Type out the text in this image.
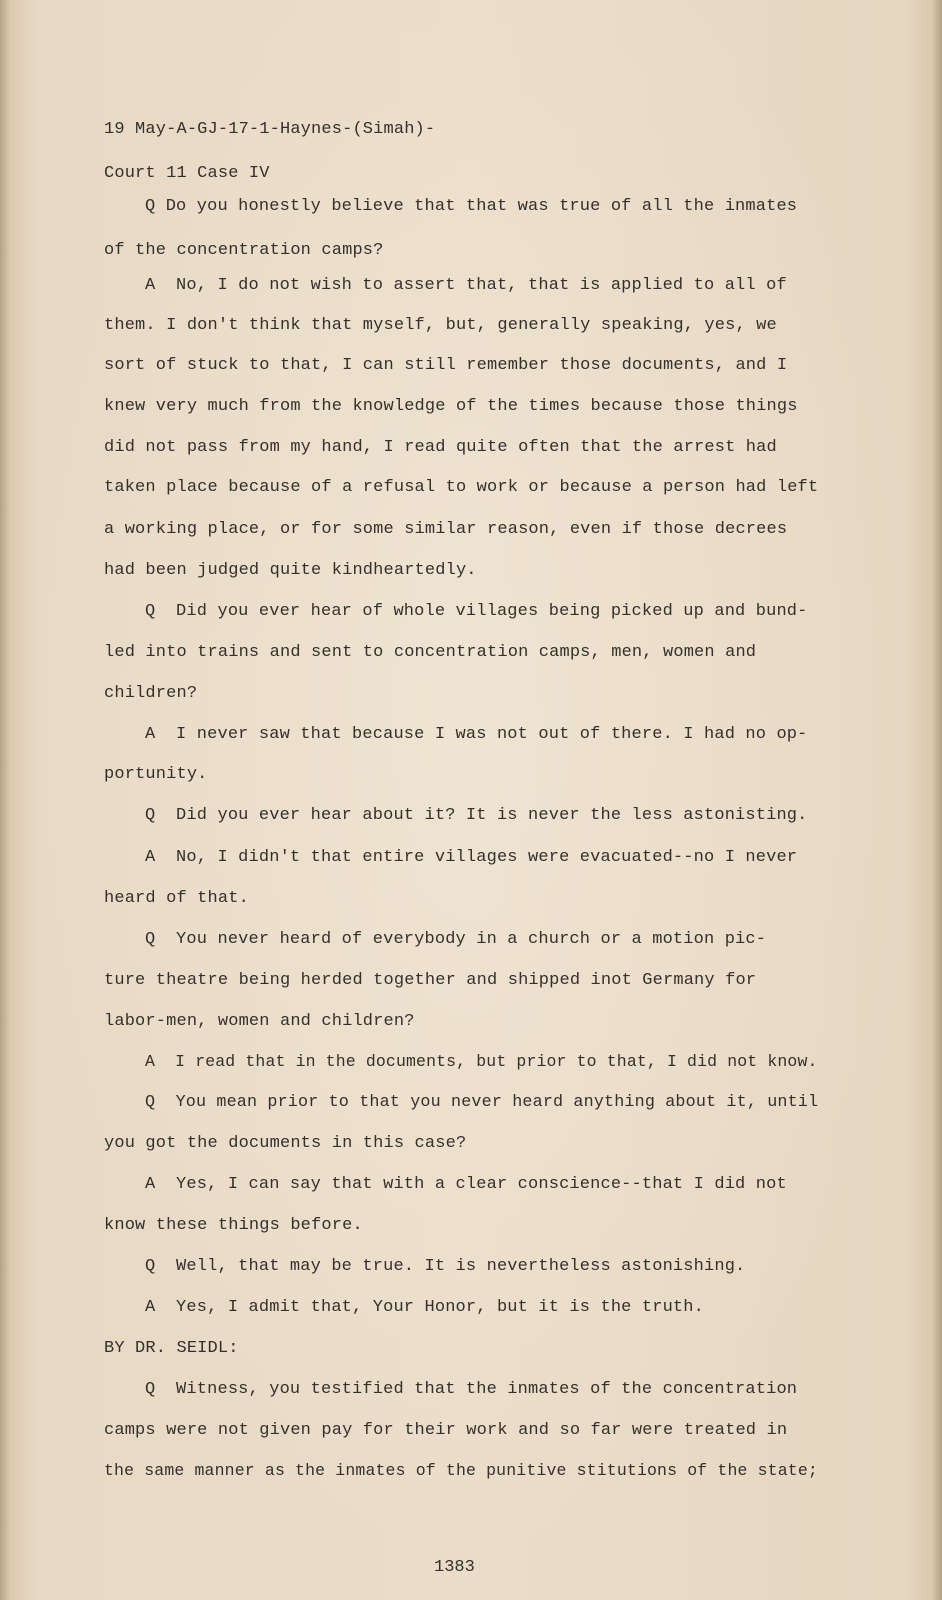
19 May-A-GJ-17-1-Haynes-(Simah)-

Court 11 Case IV

Q Do you honestly believe that that was true of all the inmates

of the concentration camps?

A  No, I do not wish to assert that, that is applied to all of

them. I don't think that myself, but, generally speaking, yes, we

sort of stuck to that, I can still remember those documents, and I

knew very much from the knowledge of the times because those things

did not pass from my hand, I read quite often that the arrest had

taken place because of a refusal to work or because a person had left

a working place, or for some similar reason, even if those decrees

had been judged quite kindheartedly.

Q  Did you ever hear of whole villages being picked up and bund-

led into trains and sent to concentration camps, men, women and

children?

A  I never saw that because I was not out of there. I had no op-

portunity.

Q  Did you ever hear about it? It is never the less astonisting.

A  No, I didn't that entire villages were evacuated--no I never

heard of that.

Q  You never heard of everybody in a church or a motion pic-

ture theatre being herded together and shipped inot Germany for

labor-men, women and children?

A  I read that in the documents, but prior to that, I did not know.

Q  You mean prior to that you never heard anything about it, until

you got the documents in this case?

A  Yes, I can say that with a clear conscience--that I did not

know these things before.

Q  Well, that may be true. It is nevertheless astonishing.

A  Yes, I admit that, Your Honor, but it is the truth.

BY DR. SEIDL:

Q  Witness, you testified that the inmates of the concentration

camps were not given pay for their work and so far were treated in

the same manner as the inmates of the punitive stitutions of the state;

1383
